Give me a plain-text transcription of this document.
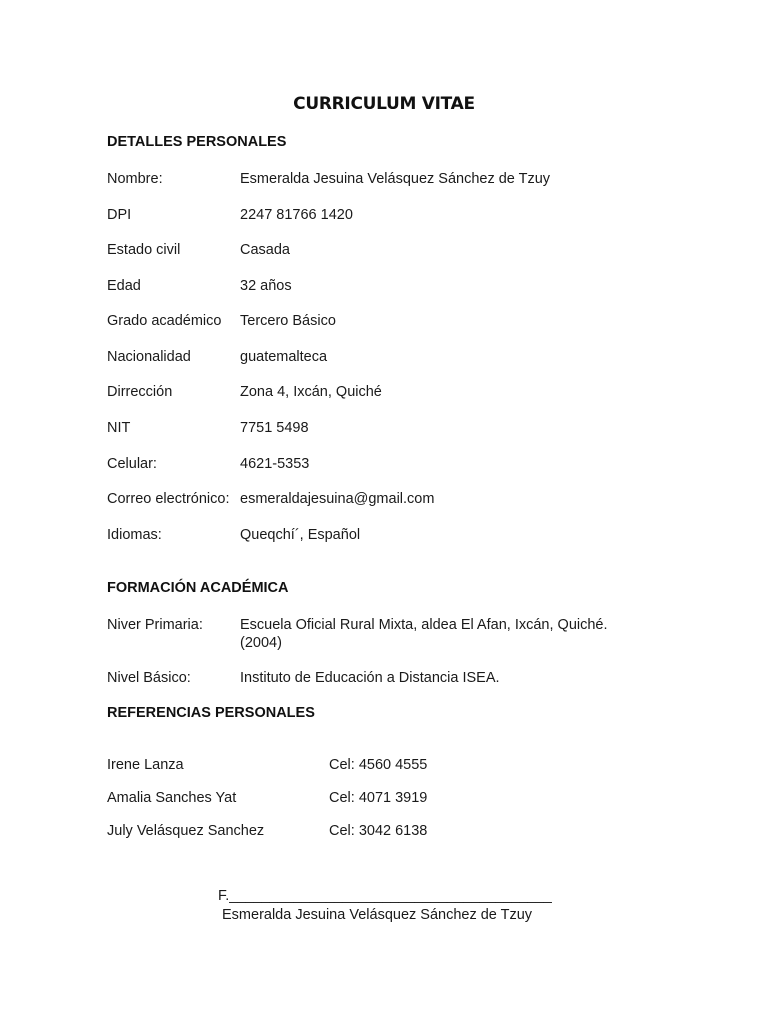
CURRICULUM VITAE
DETALLES PERSONALES
Nombre:	Esmeralda Jesuina Velásquez Sánchez de Tzuy
DPI	2247 81766 1420
Estado civil	Casada
Edad	32 años
Grado académico Tercero Básico
Nacionalidad	guatemalteca
Dirrección	Zona 4, Ixcán, Quiché
NIT	7751 5498
Celular:	4621-5353
Correo electrónico: esmeraldajesuina@gmail.com
Idiomas:	Queqchí´, Español
FORMACIÓN ACADÉMICA
Niver Primaria:	Escuela Oficial Rural Mixta, aldea El Afan, Ixcán, Quiché.
(2004)
Nivel Básico:	Instituto de Educación a Distancia ISEA.
REFERENCIAS PERSONALES
Irene Lanza	Cel: 4560 4555
Amalia Sanches Yat	Cel: 4071 3919
July Velásquez Sanchez	Cel: 3042 6138
F.________________________________________
Esmeralda Jesuina Velásquez Sánchez de Tzuy
